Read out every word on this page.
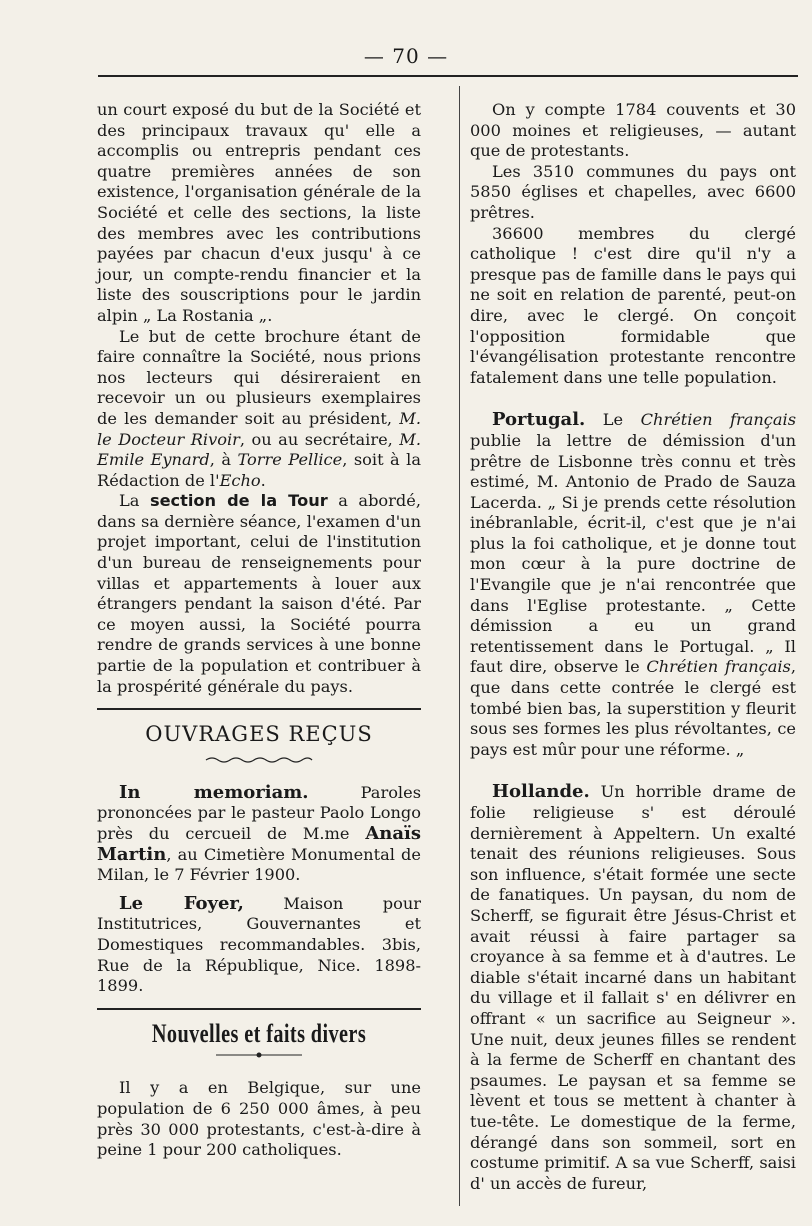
— 70 —

un court exposé du but de la Société et des principaux travaux qu' elle a accomplis ou entrepris pendant ces quatre premières années de son existence, l'organisation générale de la Société et celle des sections, la liste des membres avec les contributions payées par chacun d'eux jusqu' à ce jour, un compte-rendu financier et la liste des souscriptions pour le jardin alpin „ La Rostania „.

Le but de cette brochure étant de faire connaître la Société, nous prions nos lecteurs qui désireraient en recevoir un ou plusieurs exemplaires de les demander soit au président, M. le Docteur Rivoir, ou au secrétaire, M. Emile Eynard, à Torre Pellice, soit à la Rédaction de l'Echo.

La section de la Tour a abordé, dans sa dernière séance, l'examen d'un projet important, celui de l'institution d'un bureau de renseignements pour villas et appartements à louer aux étrangers pendant la saison d'été. Par ce moyen aussi, la Société pourra rendre de grands services à une bonne partie de la population et contribuer à la prospérité générale du pays.

OUVRAGES REÇUS

In memoriam. Paroles prononcées par le pasteur Paolo Longo près du cercueil de M.me Anaïs Martin, au Cimetière Monumental de Milan, le 7 Février 1900.

Le Foyer, Maison pour Institutrices, Gouvernantes et Domestiques recommandables. 3bis, Rue de la République, Nice. 1898-1899.

Nouvelles et faits divers

Il y a en Belgique, sur une population de 6 250 000 âmes, à peu près 30 000 protestants, c'est-à-dire à peine 1 pour 200 catholiques.

On y compte 1784 couvents et 30 000 moines et religieuses, — autant que de protestants.

Les 3510 communes du pays ont 5850 églises et chapelles, avec 6600 prêtres.

36600 membres du clergé catholique ! c'est dire qu'il n'y a presque pas de famille dans le pays qui ne soit en relation de parenté, peut-on dire, avec le clergé. On conçoit l'opposition formidable que l'évangélisation protestante rencontre fatalement dans une telle population.

Portugal. Le Chrétien français publie la lettre de démission d'un prêtre de Lisbonne très connu et très estimé, M. Antonio de Prado de Sauza Lacerda. „ Si je prends cette résolution inébranlable, écrit-il, c'est que je n'ai plus la foi catholique, et je donne tout mon cœur à la pure doctrine de l'Evangile que je n'ai rencontrée que dans l'Eglise protestante. „ Cette démission a eu un grand retentissement dans le Portugal. „ Il faut dire, observe le Chrétien français, que dans cette contrée le clergé est tombé bien bas, la superstition y fleurit sous ses formes les plus révoltantes, ce pays est mûr pour une réforme. „

Hollande. Un horrible drame de folie religieuse s' est déroulé dernièrement à Appeltern. Un exalté tenait des réunions religieuses. Sous son influence, s'était formée une secte de fanatiques. Un paysan, du nom de Scherff, se figurait être Jésus-Christ et avait réussi à faire partager sa croyance à sa femme et à d'autres. Le diable s'était incarné dans un habitant du village et il fallait s' en délivrer en offrant « un sacrifice au Seigneur ». Une nuit, deux jeunes filles se rendent à la ferme de Scherff en chantant des psaumes. Le paysan et sa femme se lèvent et tous se mettent à chanter à tue-tête. Le domestique de la ferme, dérangé dans son sommeil, sort en costume primitif. A sa vue Scherff, saisi d' un accès de fureur,
